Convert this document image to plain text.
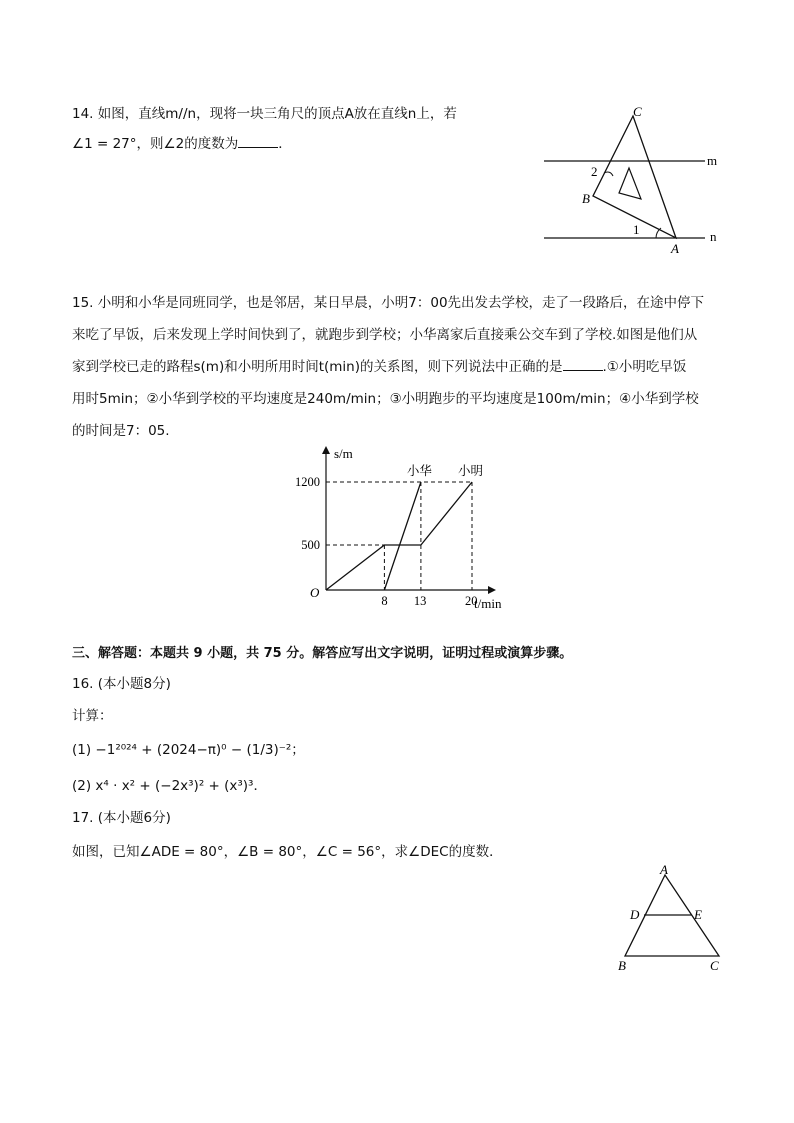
14. 如图，直线m//n，现将一块三角尺的顶点A放在直线n上，若
∠1 = 27°，则∠2的度数为	．
C
B
A
m
n
2
1
15. 小明和小华是同班同学，也是邻居，某日早晨，小明7：00先出发去学校，走了一段路后，在途中停下
来吃了早饭，后来发现上学时间快到了，就跑步到学校；小华离家后直接乘公交车到了学校.如图是他们从
家到学校已走的路程s(m)和小明所用时间t(min)的关系图，则下列说法中正确的是	.①小明吃早饭
用时5min；②小华到学校的平均速度是240m/min；③小明跑步的平均速度是100m/min；④小华到学校
的时间是7：05.
O
s/m
t/min
8 13	20
500
1200
小华 小明
三、解答题：本题共 9 小题，共 75 分。解答应写出文字说明，证明过程或演算步骤。
16. (本小题8分)
计算：
(1) −1²⁰²⁴ + (2024−π)⁰ − (1/3)⁻²；
(2) x⁴ · x² + (−2x³)² + (x³)³．
17. (本小题6分)
如图，已知∠ADE = 80°，∠B = 80°，∠C = 56°，求∠DEC的度数．
A
D	E
B	C
